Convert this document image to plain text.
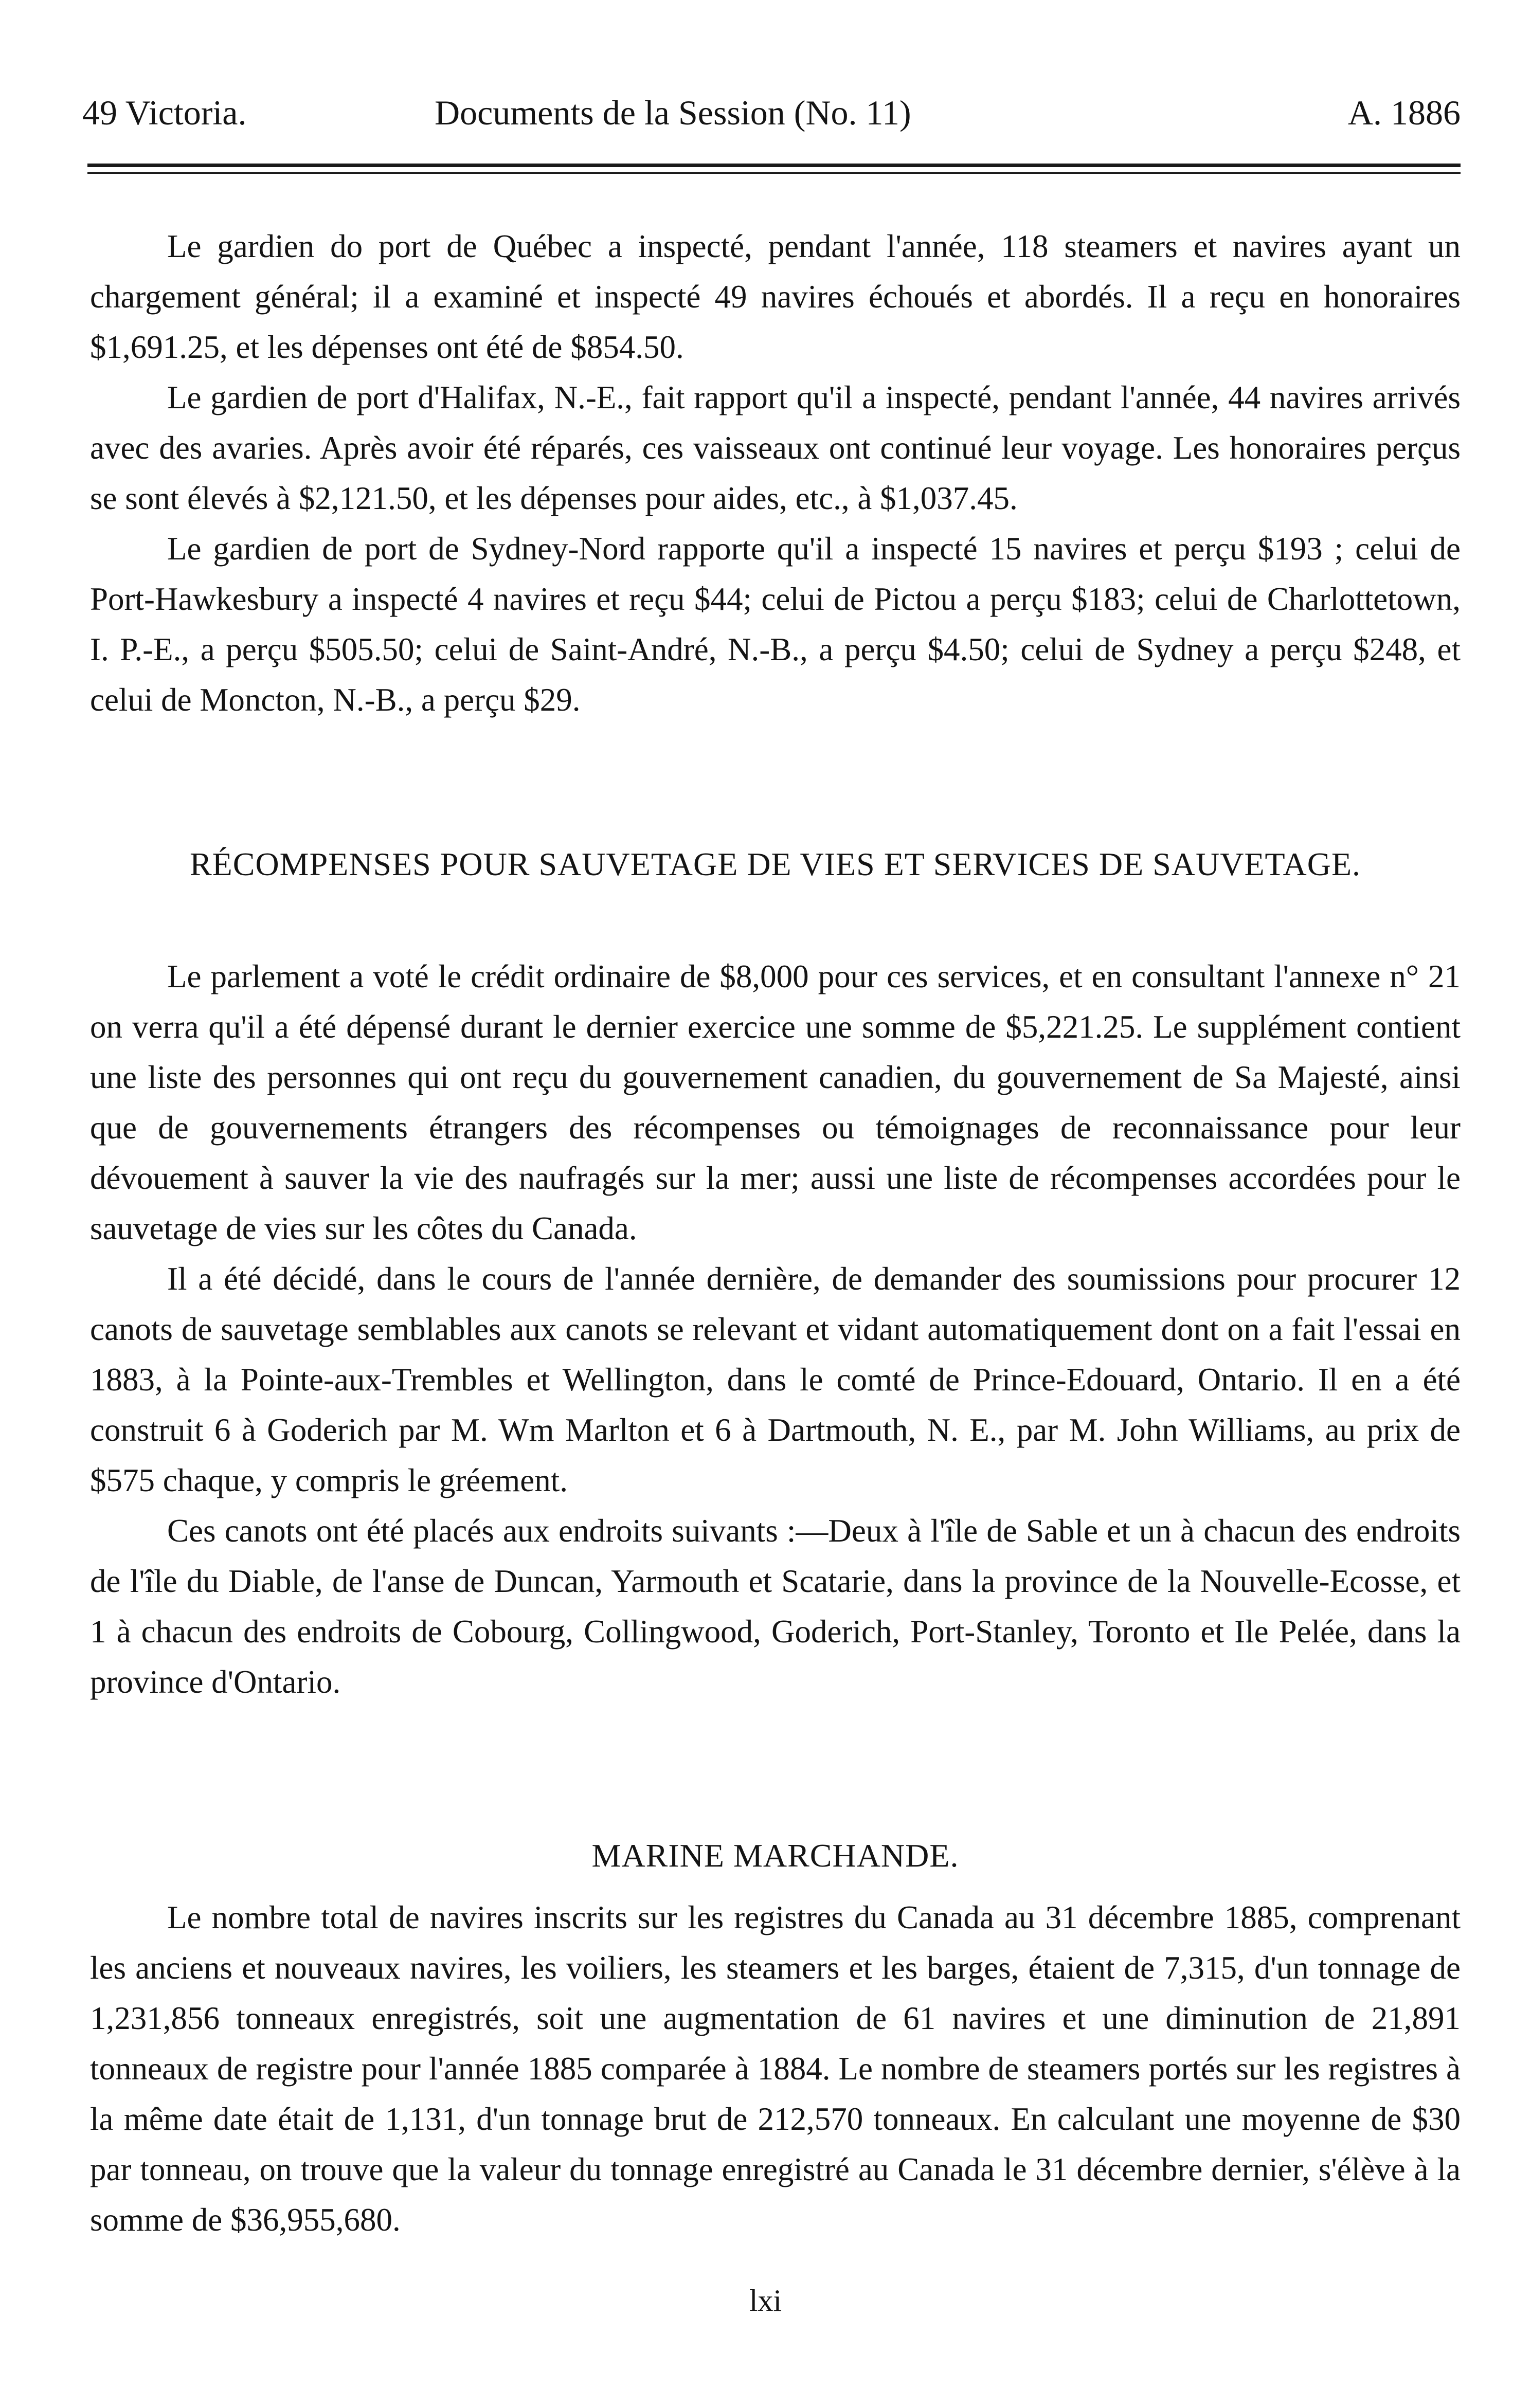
49 Victoria.	Documents de la Session (No. 11)	A. 1886

Le gardien do port de Québec a inspecté, pendant l'année, 118 steamers et navires ayant un chargement général; il a examiné et inspecté 49 navires échoués et abordés. Il a reçu en honoraires $1,691.25, et les dépenses ont été de $854.50.

Le gardien de port d'Halifax, N.-E., fait rapport qu'il a inspecté, pendant l'année, 44 navires arrivés avec des avaries. Après avoir été réparés, ces vaisseaux ont continué leur voyage. Les honoraires perçus se sont élevés à $2,121.50, et les dépenses pour aides, etc., à $1,037.45.

Le gardien de port de Sydney-Nord rapporte qu'il a inspecté 15 navires et perçu $193 ; celui de Port-Hawkesbury a inspecté 4 navires et reçu $44; celui de Pictou a perçu $183; celui de Charlottetown, I. P.-E., a perçu $505.50; celui de Saint-André, N.-B., a perçu $4.50; celui de Sydney a perçu $248, et celui de Moncton, N.-B., a perçu $29.

RÉCOMPENSES POUR SAUVETAGE DE VIES ET SERVICES DE SAUVETAGE.

Le parlement a voté le crédit ordinaire de $8,000 pour ces services, et en consultant l'annexe n° 21 on verra qu'il a été dépensé durant le dernier exercice une somme de $5,221.25. Le supplément contient une liste des personnes qui ont reçu du gouvernement canadien, du gouvernement de Sa Majesté, ainsi que de gouvernements étrangers des récompenses ou témoignages de reconnaissance pour leur dévouement à sauver la vie des naufragés sur la mer; aussi une liste de récompenses accordées pour le sauvetage de vies sur les côtes du Canada.

Il a été décidé, dans le cours de l'année dernière, de demander des soumissions pour procurer 12 canots de sauvetage semblables aux canots se relevant et vidant automatiquement dont on a fait l'essai en 1883, à la Pointe-aux-Trembles et Wellington, dans le comté de Prince-Edouard, Ontario. Il en a été construit 6 à Goderich par M. Wm Marlton et 6 à Dartmouth, N. E., par M. John Williams, au prix de $575 chaque, y compris le gréement.

Ces canots ont été placés aux endroits suivants :—Deux à l'île de Sable et un à chacun des endroits de l'île du Diable, de l'anse de Duncan, Yarmouth et Scatarie, dans la province de la Nouvelle-Ecosse, et 1 à chacun des endroits de Cobourg, Collingwood, Goderich, Port-Stanley, Toronto et Ile Pelée, dans la province d'Ontario.

MARINE MARCHANDE.

Le nombre total de navires inscrits sur les registres du Canada au 31 décembre 1885, comprenant les anciens et nouveaux navires, les voiliers, les steamers et les barges, étaient de 7,315, d'un tonnage de 1,231,856 tonneaux enregistrés, soit une augmentation de 61 navires et une diminution de 21,891 tonneaux de registre pour l'année 1885 comparée à 1884. Le nombre de steamers portés sur les registres à la même date était de 1,131, d'un tonnage brut de 212,570 tonneaux. En calculant une moyenne de $30 par tonneau, on trouve que la valeur du tonnage enregistré au Canada le 31 décembre dernier, s'élève à la somme de $36,955,680.

lxi
